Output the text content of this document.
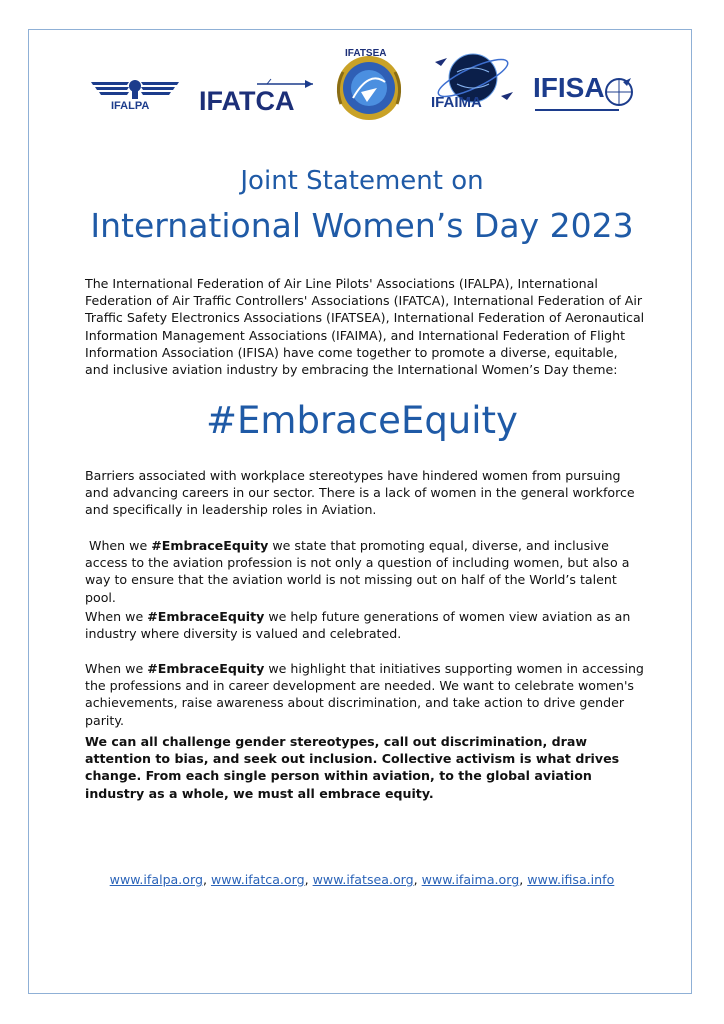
IFALPA IFATCA
IFATSEA
IFAIMA IFISA
Joint Statement on
International Women’s Day 2023
The International Federation of Air Line Pilots' Associations (IFALPA), International Federation of Air Traffic Controllers' Associations (IFATCA), International Federation of Air Traffic Safety Electronics Associations (IFATSEA), International Federation of Aeronautical Information Management Associations (IFAIMA), and International Federation of Flight Information Association (IFISA) have come together to promote a diverse, equitable, and inclusive aviation industry by embracing the International Women’s Day theme:
#EmbraceEquity
Barriers associated with workplace stereotypes have hindered women from pursuing and advancing careers in our sector. There is a lack of women in the general workforce and specifically in leadership roles in Aviation.
When we #EmbraceEquity we state that promoting equal, diverse, and inclusive access to the aviation profession is not only a question of including women, but also a way to ensure that the aviation world is not missing out on half of the World’s talent pool.
When we #EmbraceEquity we help future generations of women view aviation as an industry where diversity is valued and celebrated.
When we #EmbraceEquity we highlight that initiatives supporting women in accessing the professions and in career development are needed. We want to celebrate women's achievements, raise awareness about discrimination, and take action to drive gender parity.
We can all challenge gender stereotypes, call out discrimination, draw attention to bias, and seek out inclusion. Collective activism is what drives change. From each single person within aviation, to the global aviation industry as a whole, we must all embrace equity.
www.ifalpa.org, www.ifatca.org, www.ifatsea.org, www.ifaima.org, www.ifisa.info
